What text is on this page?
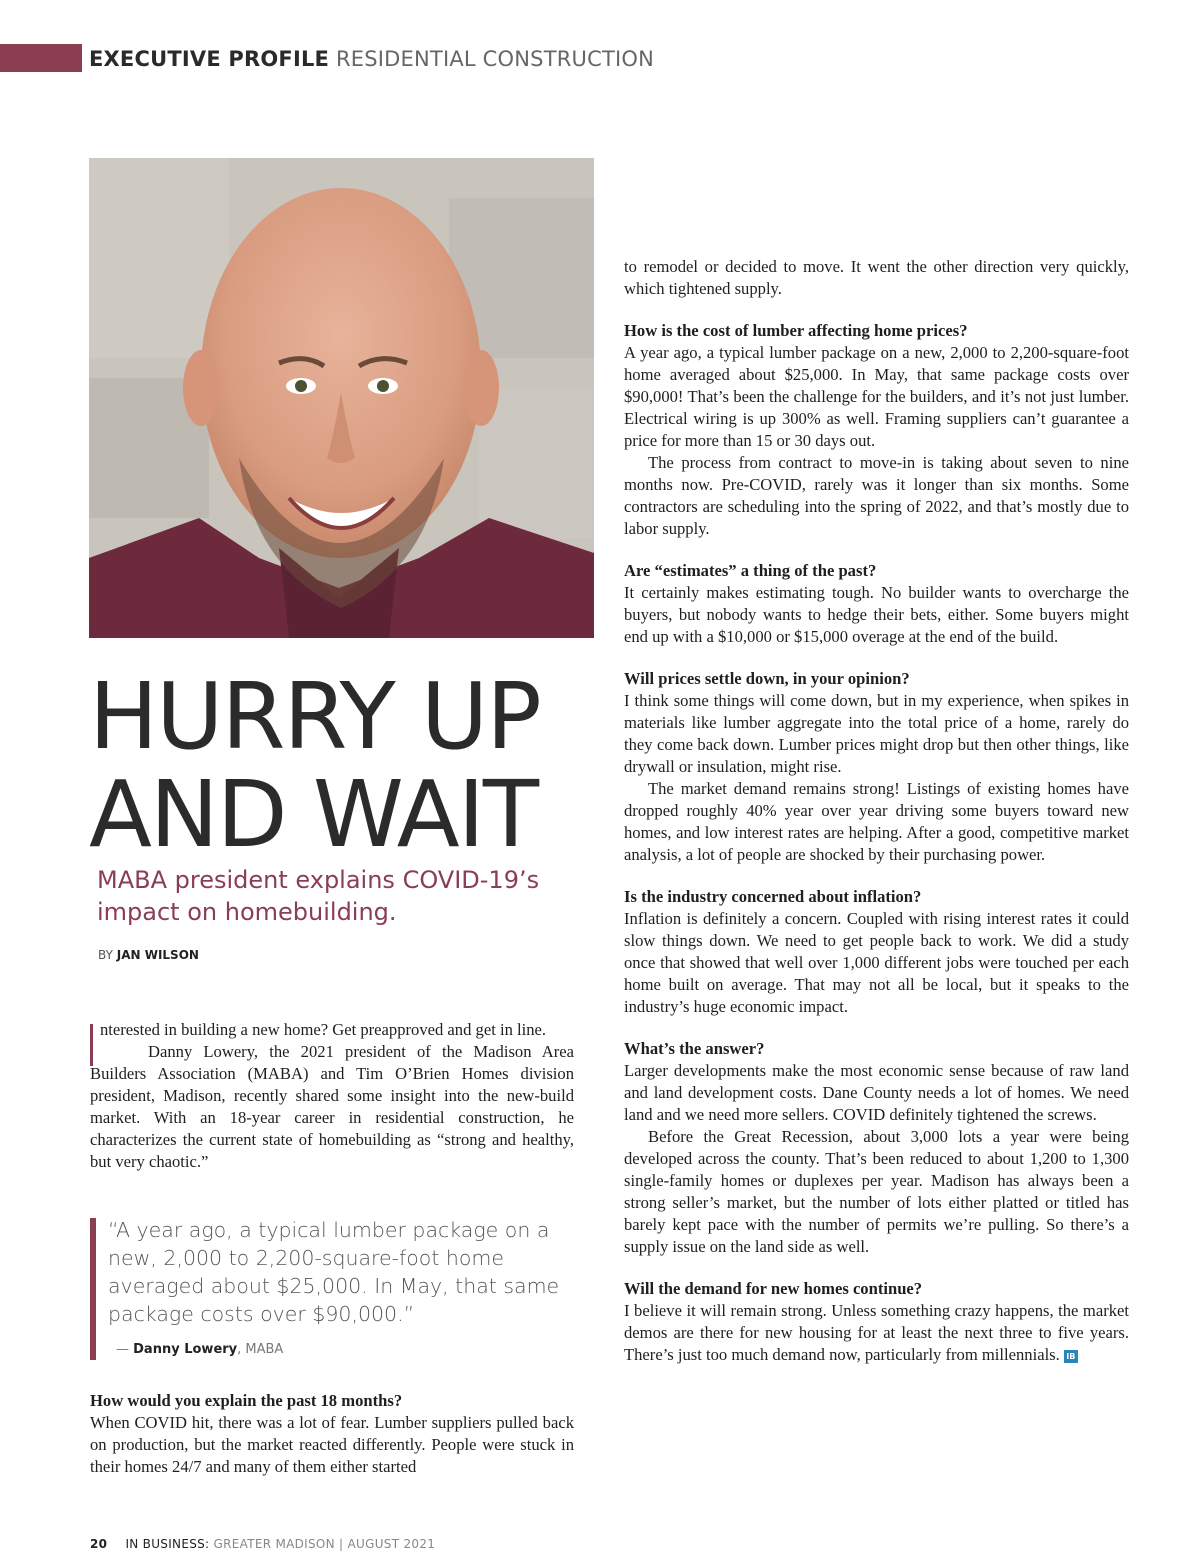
EXECUTIVE PROFILE RESIDENTIAL CONSTRUCTION
HURRY UP
AND WAIT
MABA president explains COVID-19’s impact on homebuilding.
BY JAN WILSON

nterested in building a new home? Get preapproved and get in line.

Danny Lowery, the 2021 president of the Madison Area Builders Association (MABA) and Tim O’Brien Homes division president, Madison, recently shared some insight into the new-build market. With an 18-year career in residential construction, he characterizes the current state of homebuilding as “strong and healthy, but very chaotic.”

“A year ago, a typical lumber package on a new, 2,000 to 2,200-square-foot home averaged about $25,000. In May, that same package costs over $90,000.”
— Danny Lowery, MABA

How would you explain the past 18 months?

When COVID hit, there was a lot of fear. Lumber suppliers pulled back on production, but the market reacted differently. People were stuck in their homes 24/7 and many of them either started

to remodel or decided to move. It went the other direction very quickly, which tightened supply.

How is the cost of lumber affecting home prices?

A year ago, a typical lumber package on a new, 2,000 to 2,200-square-foot home averaged about $25,000. In May, that same package costs over $90,000! That’s been the challenge for the builders, and it’s not just lumber. Electrical wiring is up 300% as well. Framing suppliers can’t guarantee a price for more than 15 or 30 days out.

The process from contract to move-in is taking about seven to nine months now. Pre-COVID, rarely was it longer than six months. Some contractors are scheduling into the spring of 2022, and that’s mostly due to labor supply.

Are “estimates” a thing of the past?

It certainly makes estimating tough. No builder wants to overcharge the buyers, but nobody wants to hedge their bets, either. Some buyers might end up with a $10,000 or $15,000 overage at the end of the build.

Will prices settle down, in your opinion?

I think some things will come down, but in my experience, when spikes in materials like lumber aggregate into the total price of a home, rarely do they come back down. Lumber prices might drop but then other things, like drywall or insulation, might rise.

The market demand remains strong! Listings of existing homes have dropped roughly 40% year over year driving some buyers toward new homes, and low interest rates are helping. After a good, competitive market analysis, a lot of people are shocked by their purchasing power.

Is the industry concerned about inflation?

Inflation is definitely a concern. Coupled with rising interest rates it could slow things down. We need to get people back to work. We did a study once that showed that well over 1,000 different jobs were touched per each home built on average. That may not all be local, but it speaks to the industry’s huge economic impact.

What’s the answer?

Larger developments make the most economic sense because of raw land and land development costs. Dane County needs a lot of homes. We need land and we need more sellers. COVID definitely tightened the screws.

Before the Great Recession, about 3,000 lots a year were being developed across the county. That’s been reduced to about 1,200 to 1,300 single-family homes or duplexes per year. Madison has always been a strong seller’s market, but the number of lots either platted or titled has barely kept pace with the number of permits we’re pulling. So there’s a supply issue on the land side as well.

Will the demand for new homes continue?

I believe it will remain strong. Unless something crazy happens, the market demos are there for new housing for at least the next three to five years. There’s just too much demand now, particularly from millennials. IB

20 IN BUSINESS: GREATER MADISON | AUGUST 2021
